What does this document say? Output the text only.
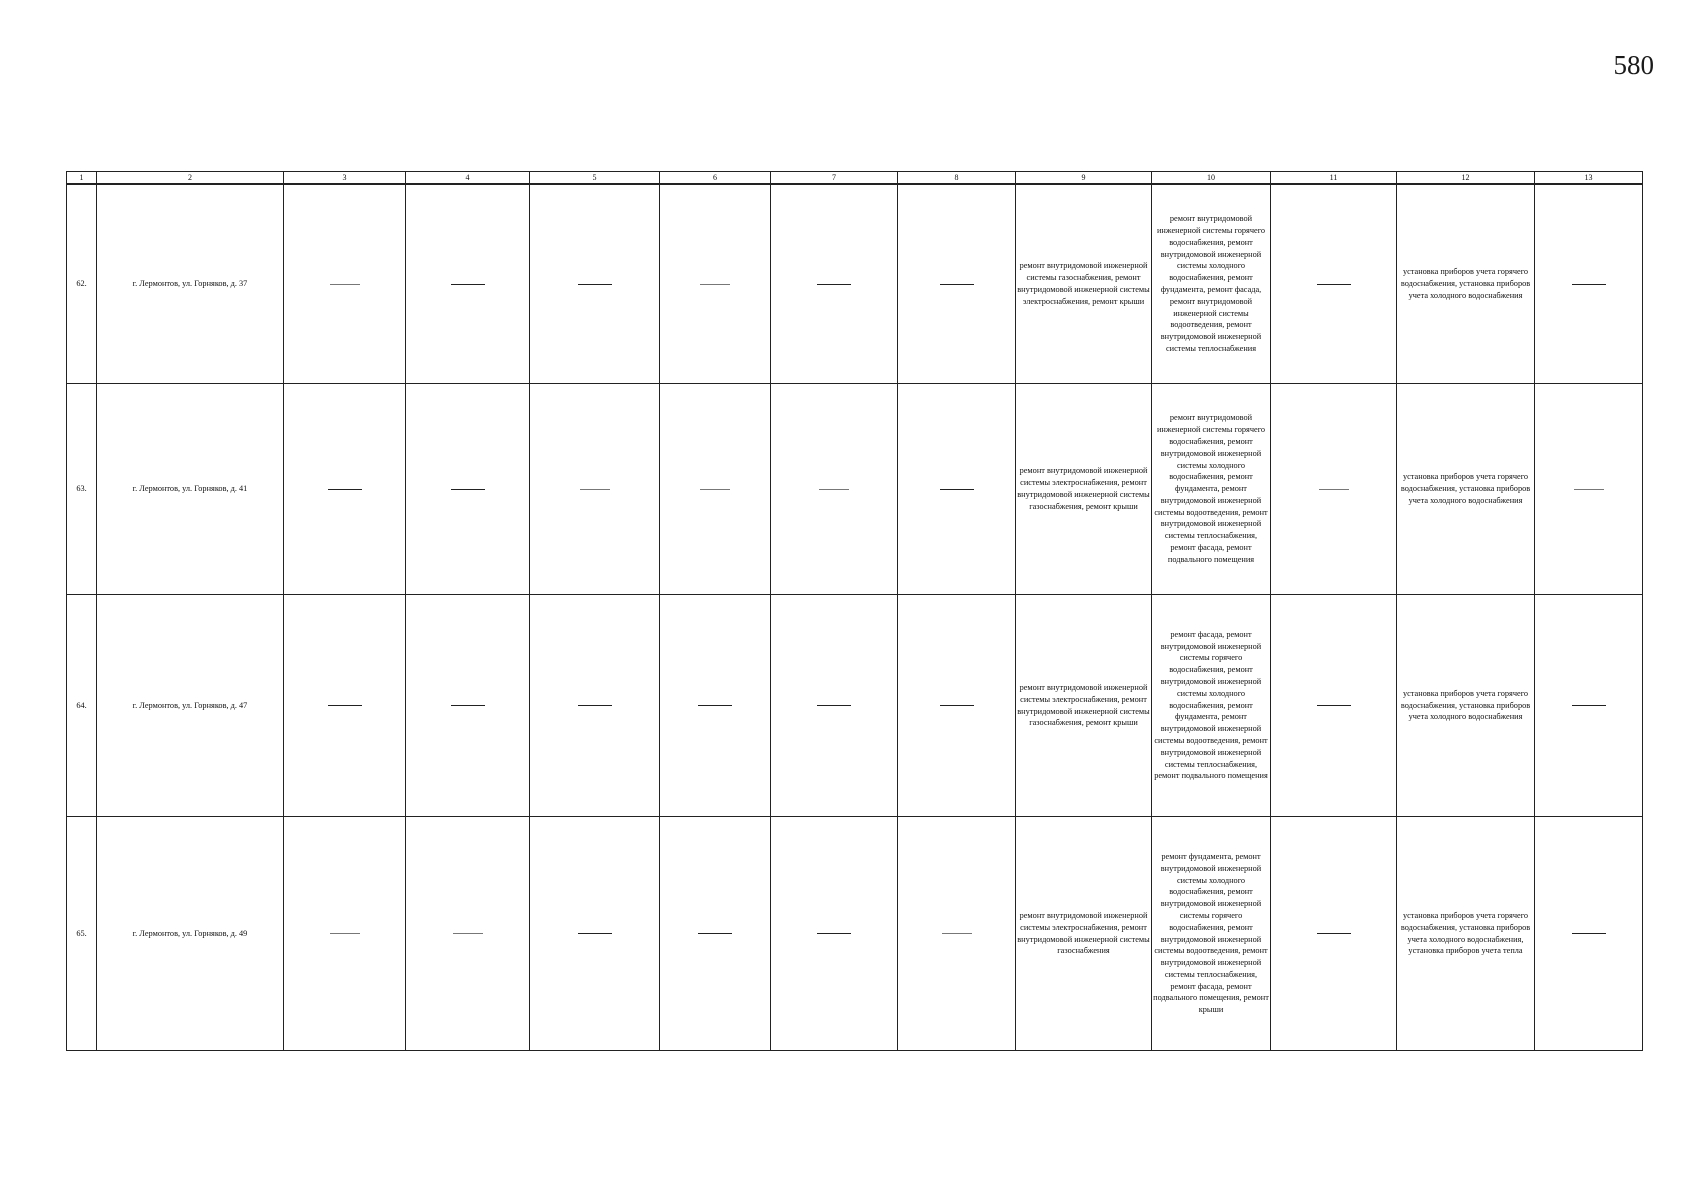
580
1	2	3	4	5	6	7	8	9	10	11	12	13
62.	г. Лермонтов, ул. Горняков, д. 37							ремонт внутридомовой инженерной системы газоснабжения, ремонт внутридомовой инженерной системы электроснабжения, ремонт крыши	ремонт внутридомовой инженерной системы горячего водоснабжения, ремонт внутридомовой инженерной системы холодного водоснабжения, ремонт фундамента, ремонт фасада, ремонт внутридомовой инженерной системы водоотведения, ремонт внутридомовой инженерной системы теплоснабжения		установка приборов учета горячего водоснабжения, установка приборов учета холодного водоснабжения	
63.	г. Лермонтов, ул. Горняков, д. 41							ремонт внутридомовой инженерной системы электроснабжения, ремонт внутридомовой инженерной системы газоснабжения, ремонт крыши	ремонт внутридомовой инженерной системы горячего водоснабжения, ремонт внутридомовой инженерной системы холодного водоснабжения, ремонт фундамента, ремонт внутридомовой инженерной системы водоотведения, ремонт внутридомовой инженерной системы теплоснабжения, ремонт фасада, ремонт подвального помещения		установка приборов учета горячего водоснабжения, установка приборов учета холодного водоснабжения	
64.	г. Лермонтов, ул. Горняков, д. 47							ремонт внутридомовой инженерной системы электроснабжения, ремонт внутридомовой инженерной системы газоснабжения, ремонт крыши	ремонт фасада, ремонт внутридомовой инженерной системы горячего водоснабжения, ремонт внутридомовой инженерной системы холодного водоснабжения, ремонт фундамента, ремонт внутридомовой инженерной системы водоотведения, ремонт внутридомовой инженерной системы теплоснабжения, ремонт подвального помещения		установка приборов учета горячего водоснабжения, установка приборов учета холодного водоснабжения	
65.	г. Лермонтов, ул. Горняков, д. 49							ремонт внутридомовой инженерной системы электроснабжения, ремонт внутридомовой инженерной системы газоснабжения	ремонт фундамента, ремонт внутридомовой инженерной системы холодного водоснабжения, ремонт внутридомовой инженерной системы горячего водоснабжения, ремонт внутридомовой инженерной системы водоотведения, ремонт внутридомовой инженерной системы теплоснабжения, ремонт фасада, ремонт подвального помещения, ремонт крыши		установка приборов учета горячего водоснабжения, установка приборов учета холодного водоснабжения, установка приборов учета тепла	
